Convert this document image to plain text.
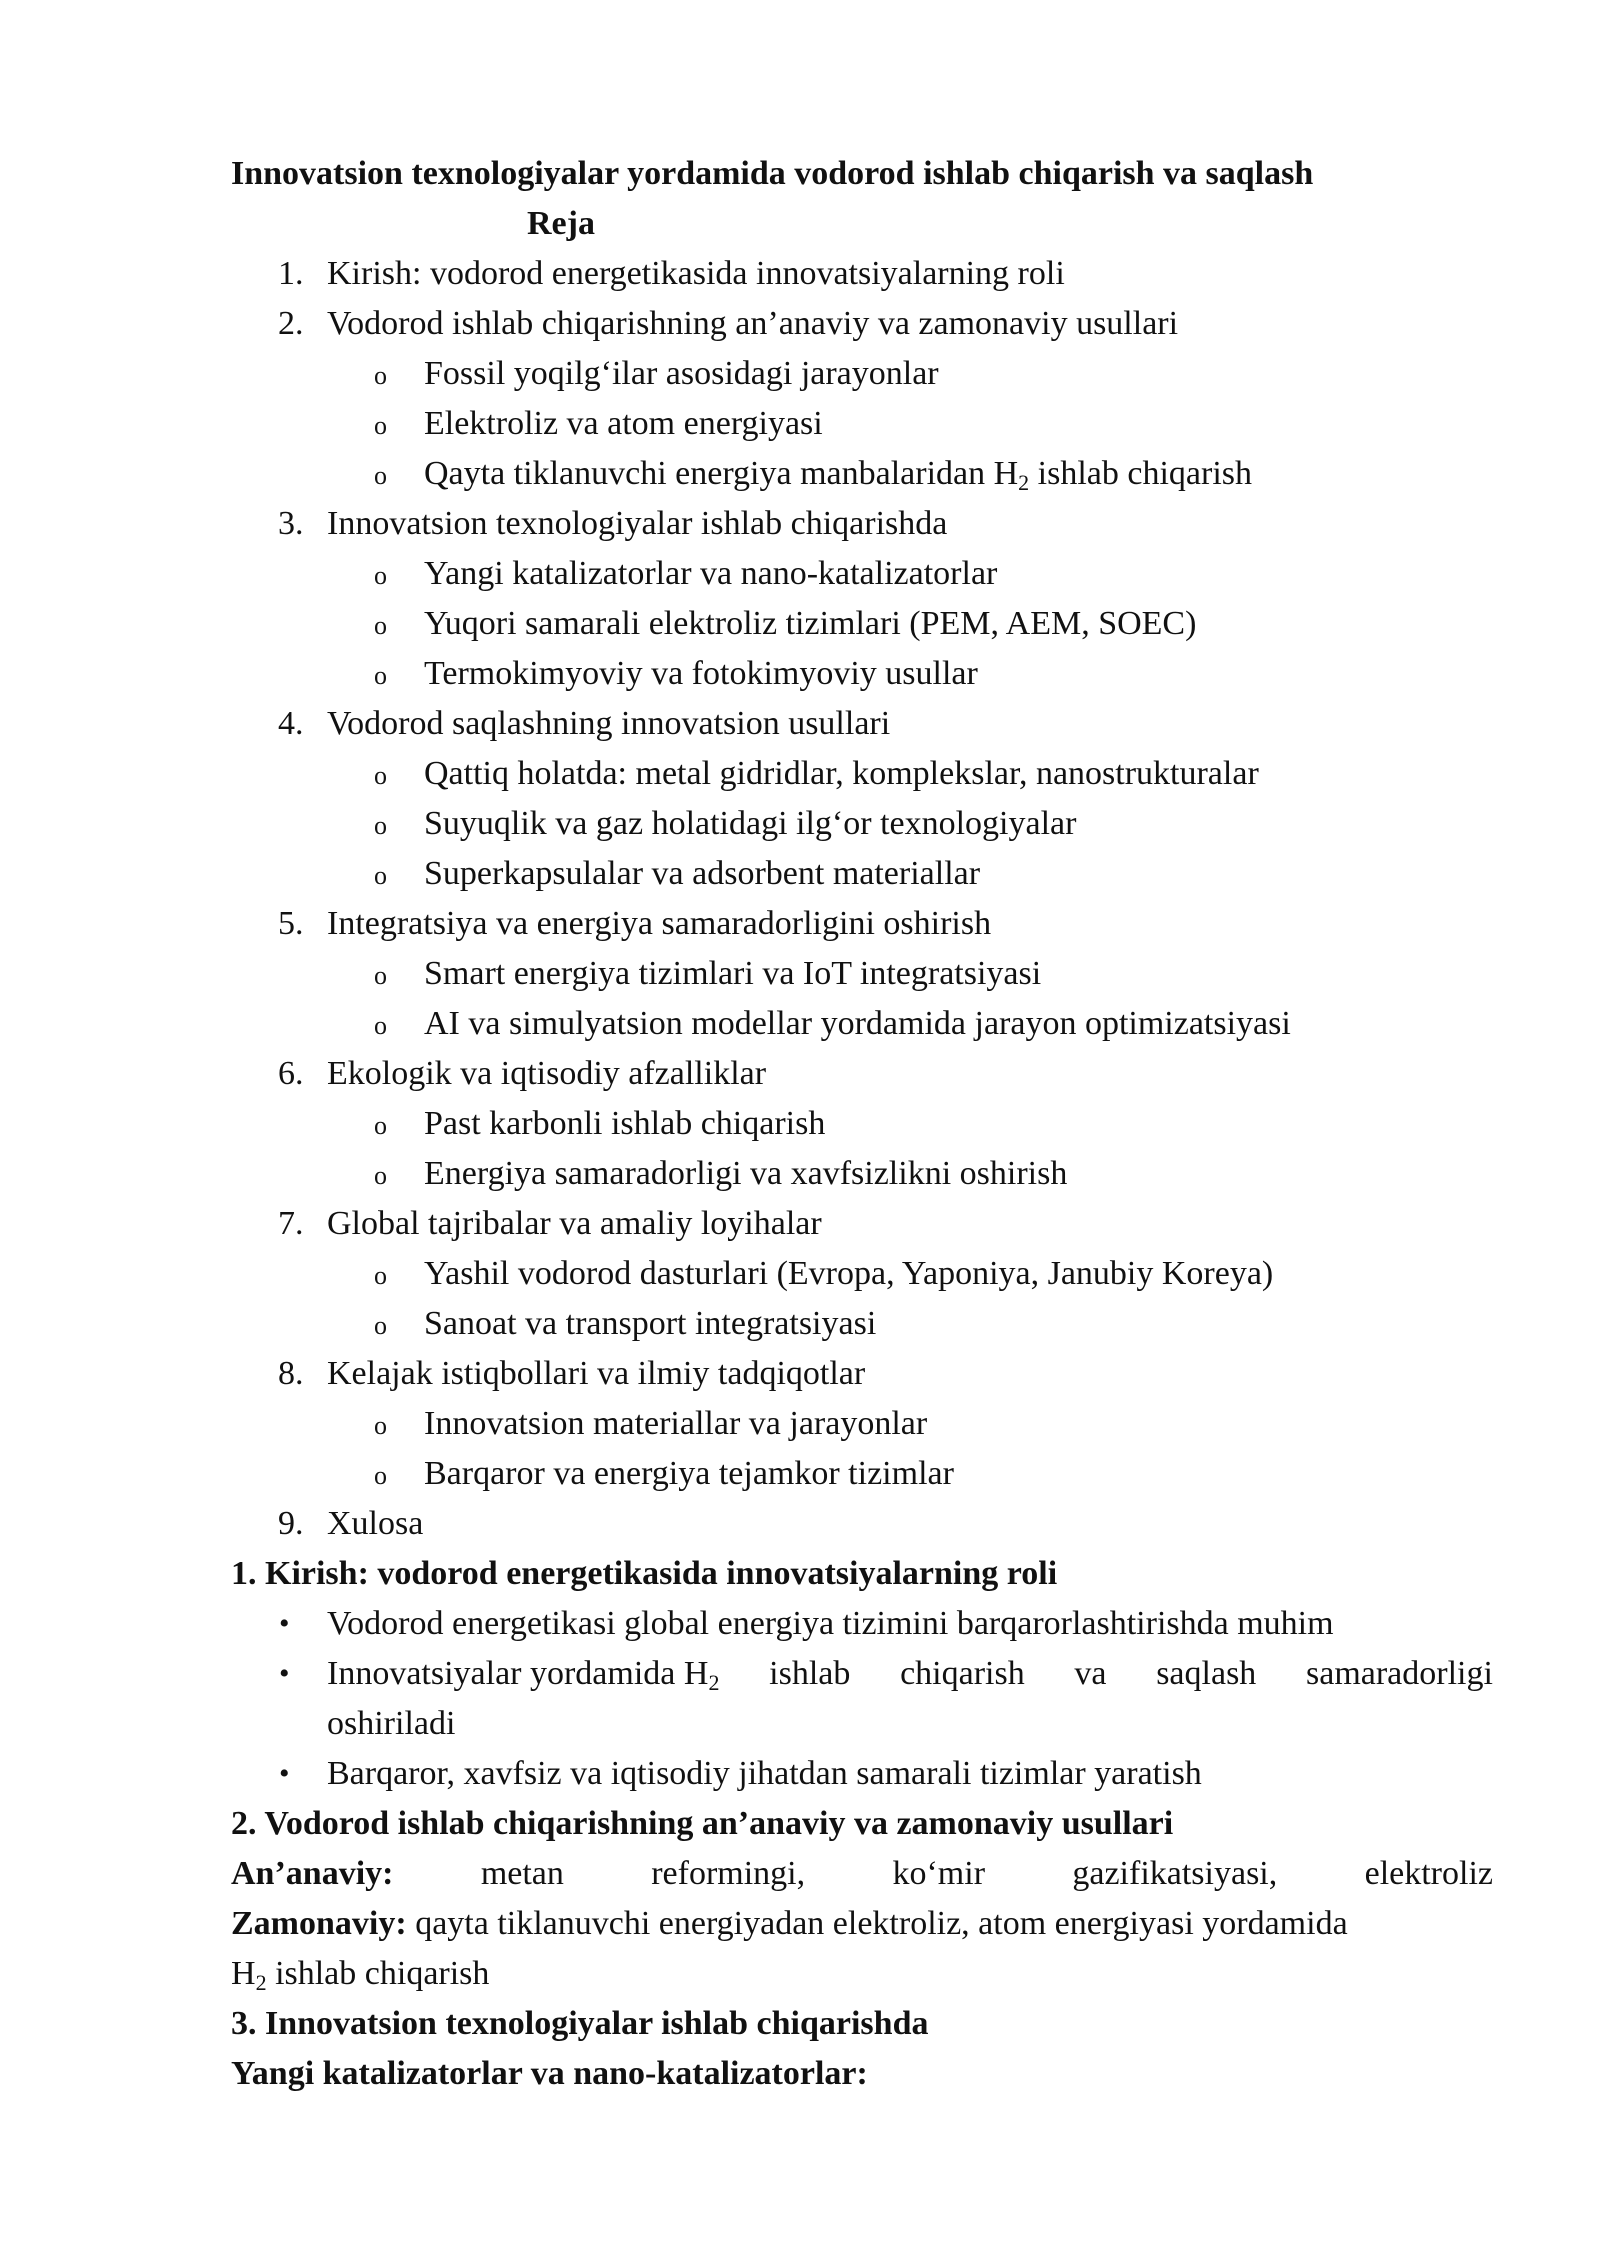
Innovatsion texnologiyalar yordamida vodorod ishlab chiqarish va saqlash
Reja
1. Kirish: vodorod energetikasida innovatsiyalarning roli
2. Vodorod ishlab chiqarishning an’anaviy va zamonaviy usullari
o Fossil yoqilg‘ilar asosidagi jarayonlar
o Elektroliz va atom energiyasi
o Qayta tiklanuvchi energiya manbalaridan $H_2$ ishlab chiqarish
3. Innovatsion texnologiyalar ishlab chiqarishda
o Yangi katalizatorlar va nano-katalizatorlar
o Yuqori samarali elektroliz tizimlari (PEM, AEM, SOEC)
o Termokimyoviy va fotokimyoviy usullar
4. Vodorod saqlashning innovatsion usullari
o Qattiq holatda: metal gidridlar, komplekslar, nanostrukturalar
o Suyuqlik va gaz holatidagi ilg‘or texnologiyalar
o Superkapsulalar va adsorbent materiallar
5. Integratsiya va energiya samaradorligini oshirish
o Smart energiya tizimlari va IoT integratsiyasi
o AI va simulyatsion modellar yordamida jarayon optimizatsiyasi
6. Ekologik va iqtisodiy afzalliklar
o Past karbonli ishlab chiqarish
o Energiya samaradorligi va xavfsizlikni oshirish
7. Global tajribalar va amaliy loyihalar
o Yashil vodorod dasturlari (Evropa, Yaponiya, Janubiy Koreya)
o Sanoat va transport integratsiyasi
8. Kelajak istiqbollari va ilmiy tadqiqotlar
o Innovatsion materiallar va jarayonlar
o Barqaror va energiya tejamkor tizimlar
9. Xulosa
1. Kirish: vodorod energetikasida innovatsiyalarning roli
• Vodorod energetikasi global energiya tizimini barqarorlashtirishda muhim
• Innovatsiyalar yordamida $H_2$ ishlab chiqarish va saqlash samaradorligi
oshiriladi
• Barqaror, xavfsiz va iqtisodiy jihatdan samarali tizimlar yaratish
2. Vodorod ishlab chiqarishning an’anaviy va zamonaviy usullari
An’anaviy:	metan	reformingi,	ko‘mir	gazifikatsiyasi,	elektroliz
Zamonaviy: qayta tiklanuvchi energiyadan elektroliz, atom energiyasi yordamida
$H_2$ ishlab chiqarish
3. Innovatsion texnologiyalar ishlab chiqarishda
Yangi katalizatorlar va nano-katalizatorlar:
